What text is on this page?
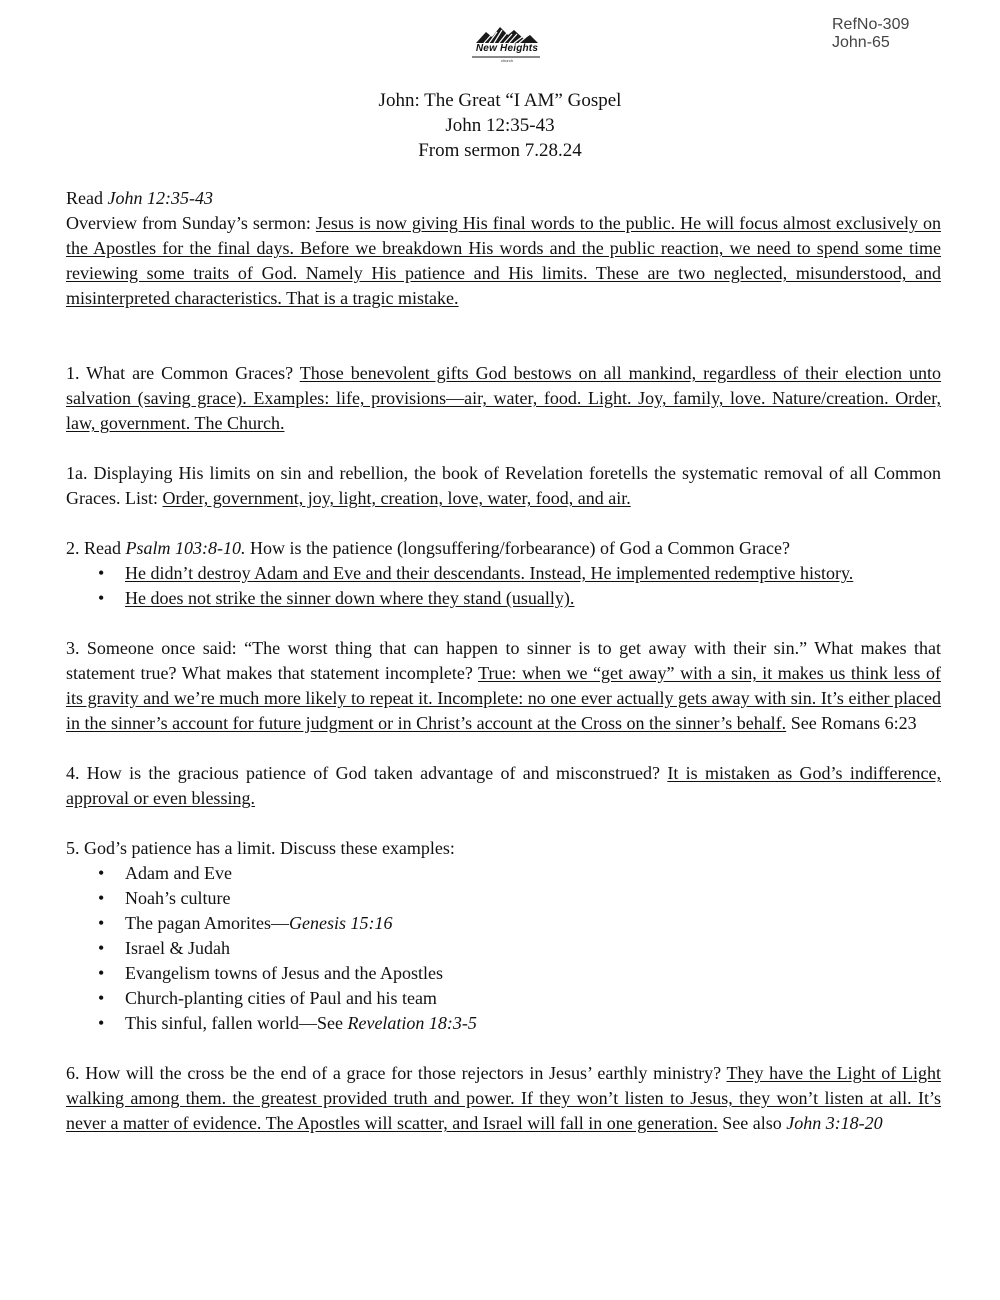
RefNo-309
John-65
New Heights
church
John: The Great “I AM” Gospel
John 12:35-43
From sermon 7.28.24

Read John 12:35-43

Overview from Sunday’s sermon: Jesus is now giving His final words to the public. He will focus almost exclusively on the Apostles for the final days. Before we breakdown His words and the public reaction, we need to spend some time reviewing some traits of God. Namely His patience and His limits. These are two neglected, misunderstood, and misinterpreted characteristics. That is a tragic mistake.

1. What are Common Graces? Those benevolent gifts God bestows on all mankind, regardless of their election unto salvation (saving grace). Examples: life, provisions—air, water, food. Light. Joy, family, love. Nature/creation. Order, law, government. The Church.

1a. Displaying His limits on sin and rebellion, the book of Revelation foretells the systematic removal of all Common Graces. List: Order, government, joy, light, creation, love, water, food, and air.

2. Read Psalm 103:8-10. How is the patience (longsuffering/forbearance) of God a Common Grace?

• He didn’t destroy Adam and Eve and their descendants. Instead, He implemented redemptive history.
• He does not strike the sinner down where they stand (usually).

3. Someone once said: “The worst thing that can happen to sinner is to get away with their sin.” What makes that statement true? What makes that statement incomplete? True: when we “get away” with a sin, it makes us think less of its gravity and we’re much more likely to repeat it. Incomplete: no one ever actually gets away with sin. It’s either placed in the sinner’s account for future judgment or in Christ’s account at the Cross on the sinner’s behalf. See Romans 6:23

4. How is the gracious patience of God taken advantage of and misconstrued? It is mistaken as God’s indifference, approval or even blessing.

5. God’s patience has a limit. Discuss these examples:

• Adam and Eve
• Noah’s culture
• The pagan Amorites—Genesis 15:16
• Israel & Judah
• Evangelism towns of Jesus and the Apostles
• Church-planting cities of Paul and his team
• This sinful, fallen world—See Revelation 18:3-5

6. How will the cross be the end of a grace for those rejectors in Jesus’ earthly ministry? They have the Light of Light walking among them. the greatest provided truth and power. If they won’t listen to Jesus, they won’t listen at all. It’s never a matter of evidence. The Apostles will scatter, and Israel will fall in one generation. See also John 3:18-20
